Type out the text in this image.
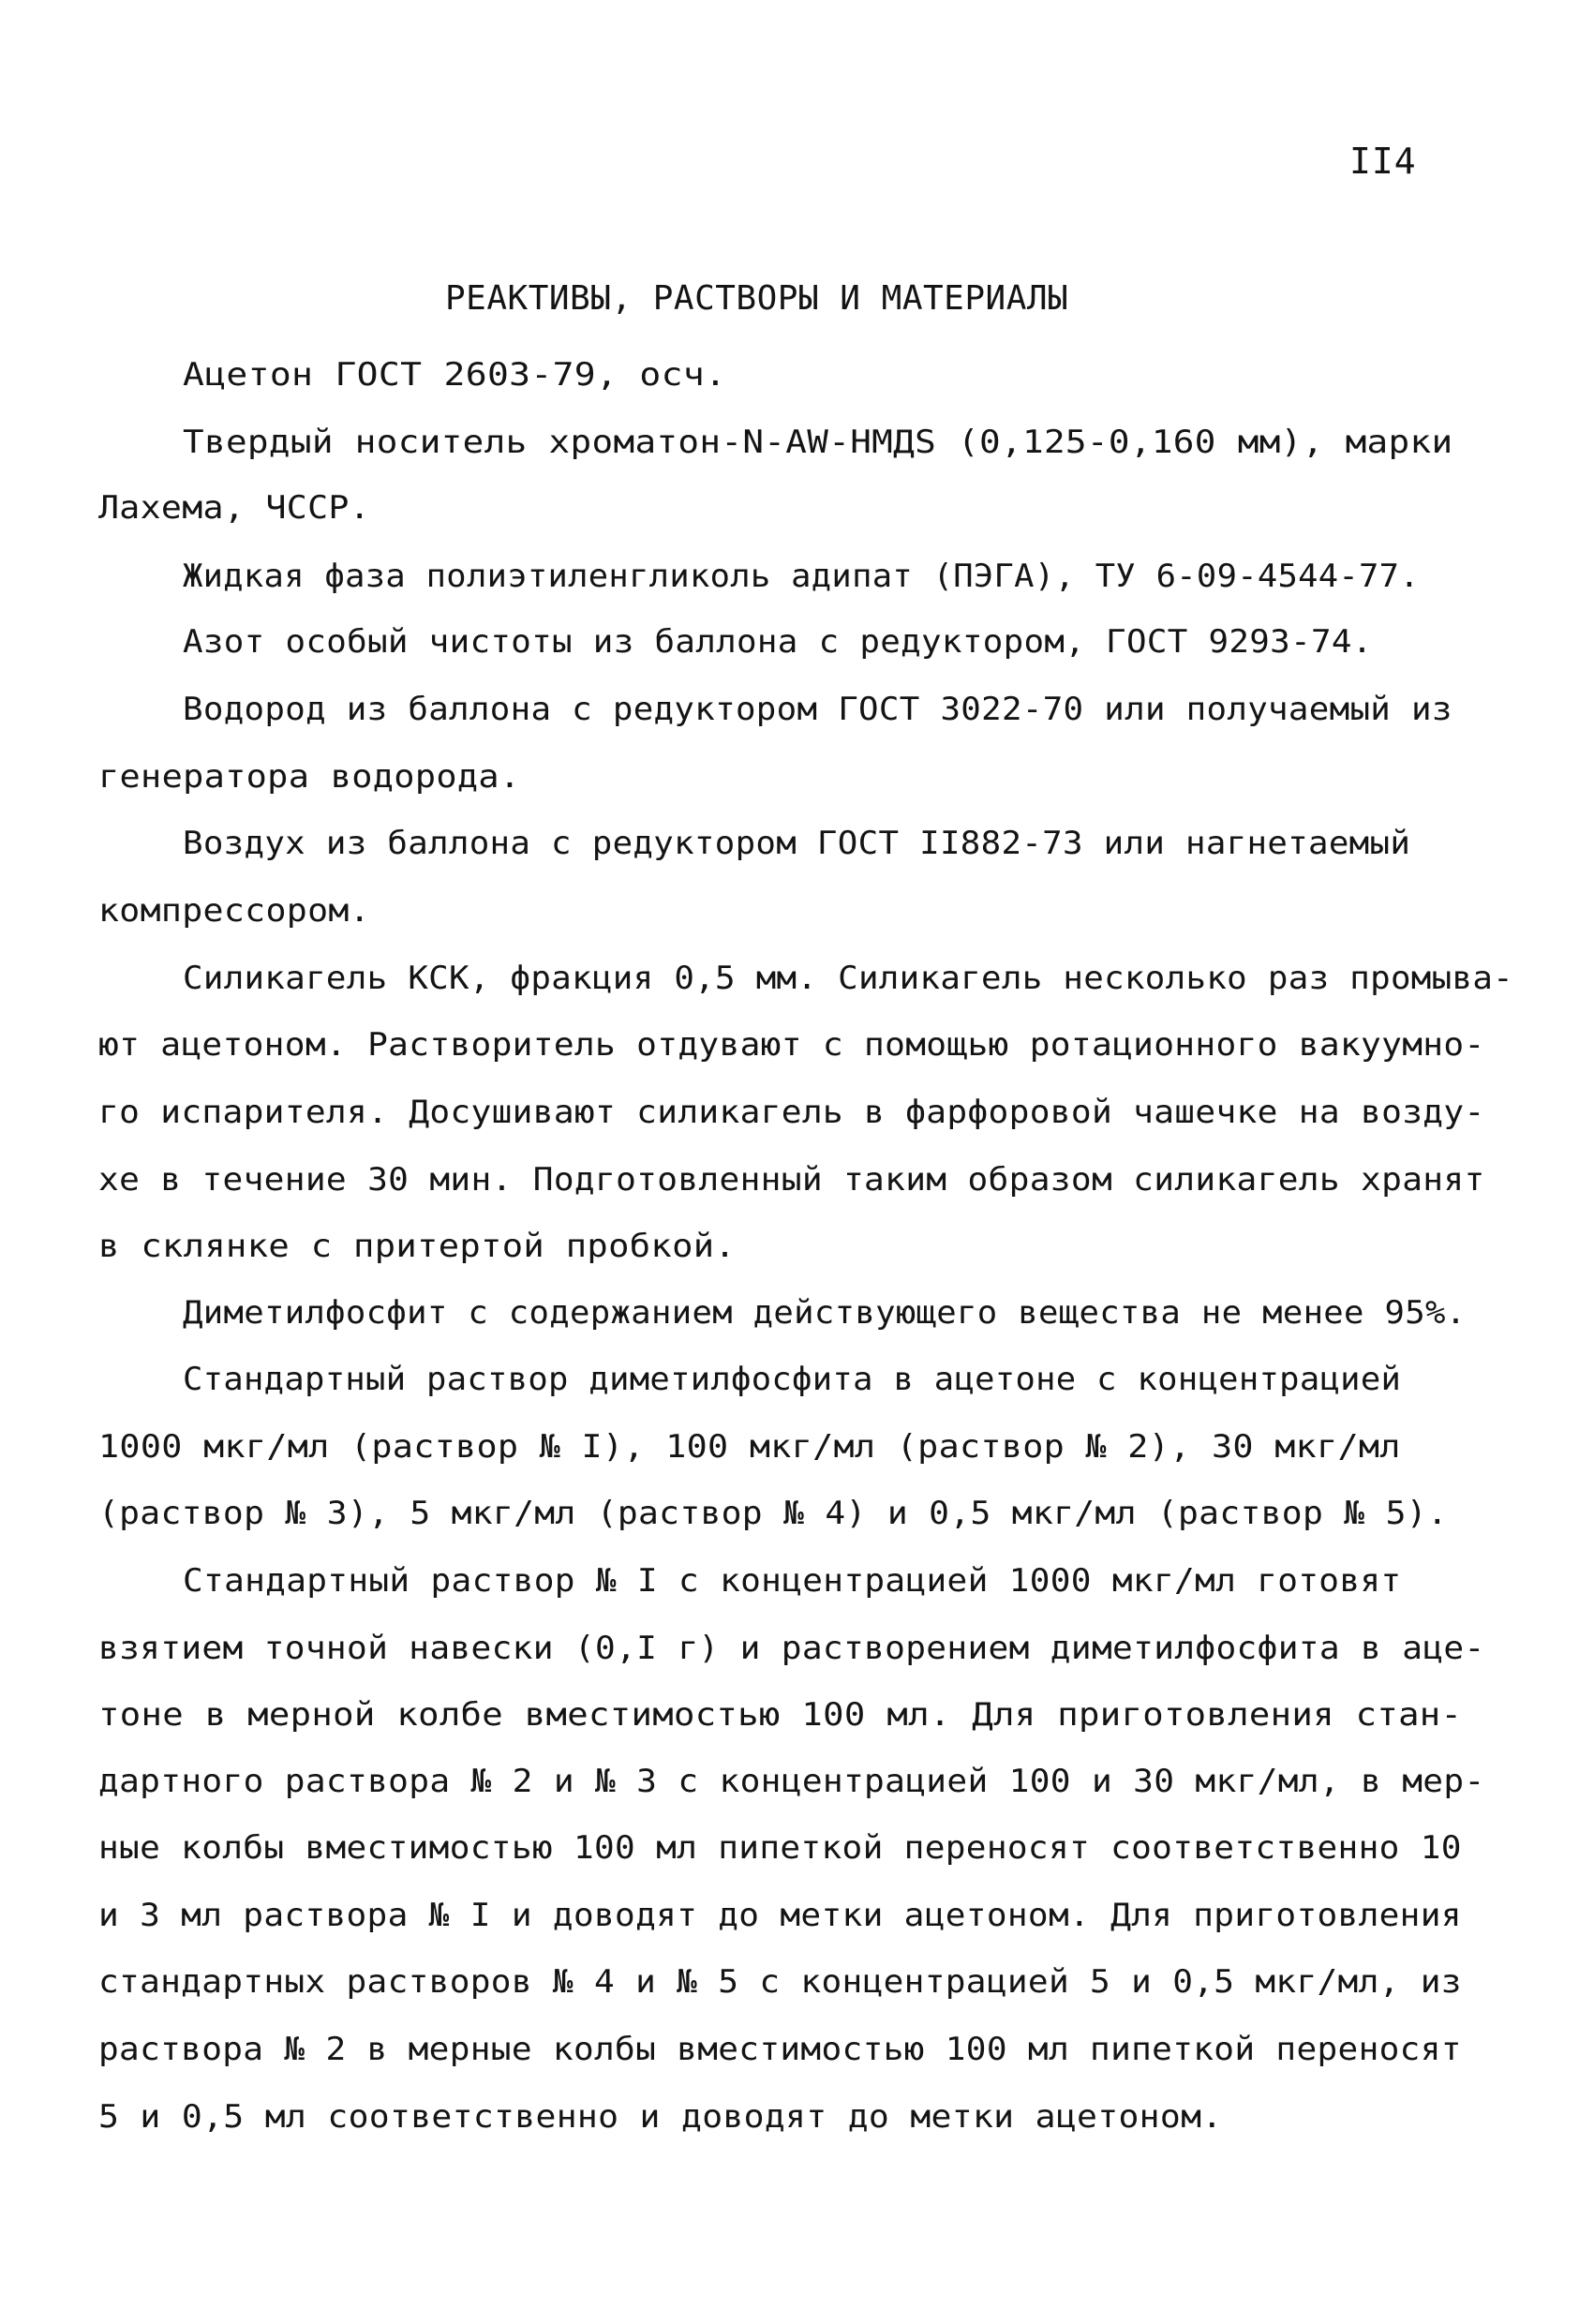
II4
РЕАКТИВЫ, РАСТВОРЫ И МАТЕРИАЛЫ
Ацетон ГОСТ 2603-79, осч.
Твердый носитель хроматон-N-AW-HMДS (0,125-0,160 мм), марки
Лахема, ЧССР.
Жидкая фаза полиэтиленгликоль адипат (ПЭГА), ТУ 6-09-4544-77.
Азот особый чистоты из баллона с редуктором, ГОСТ 9293-74.
Водород из баллона с редуктором ГОСТ 3022-70 или получаемый из
генератора водорода.
Воздух из баллона с редуктором ГОСТ II882-73 или нагнетаемый
компрессором.
Силикагель КСК, фракция 0,5 мм. Силикагель несколько раз промыва-
ют ацетоном. Растворитель отдувают с помощью ротационного вакуумно-
го испарителя. Досушивают силикагель в фарфоровой чашечке на возду-
хе в течение 30 мин. Подготовленный таким образом силикагель хранят
в склянке с притертой пробкой.
Диметилфосфит с содержанием действующего вещества не менее 95%.
Стандартный раствор диметилфосфита в ацетоне с концентрацией
1000 мкг/мл (раствор № I), 100 мкг/мл (раствор № 2), 30 мкг/мл
(раствор № 3), 5 мкг/мл (раствор № 4) и 0,5 мкг/мл (раствор № 5).
Стандартный раствор № I с концентрацией 1000 мкг/мл готовят
взятием точной навески (0,I г) и растворением диметилфосфита в аце-
тоне в мерной колбе вместимостью 100 мл. Для приготовления стан-
дартного раствора № 2 и № 3 с концентрацией 100 и 30 мкг/мл, в мер-
ные колбы вместимостью 100 мл пипеткой переносят соответственно 10
и 3 мл раствора № I и доводят до метки ацетоном. Для приготовления
стандартных растворов № 4 и № 5 с концентрацией 5 и 0,5 мкг/мл, из
раствора № 2 в мерные колбы вместимостью 100 мл пипеткой переносят
5 и 0,5 мл соответственно и доводят до метки ацетоном.
